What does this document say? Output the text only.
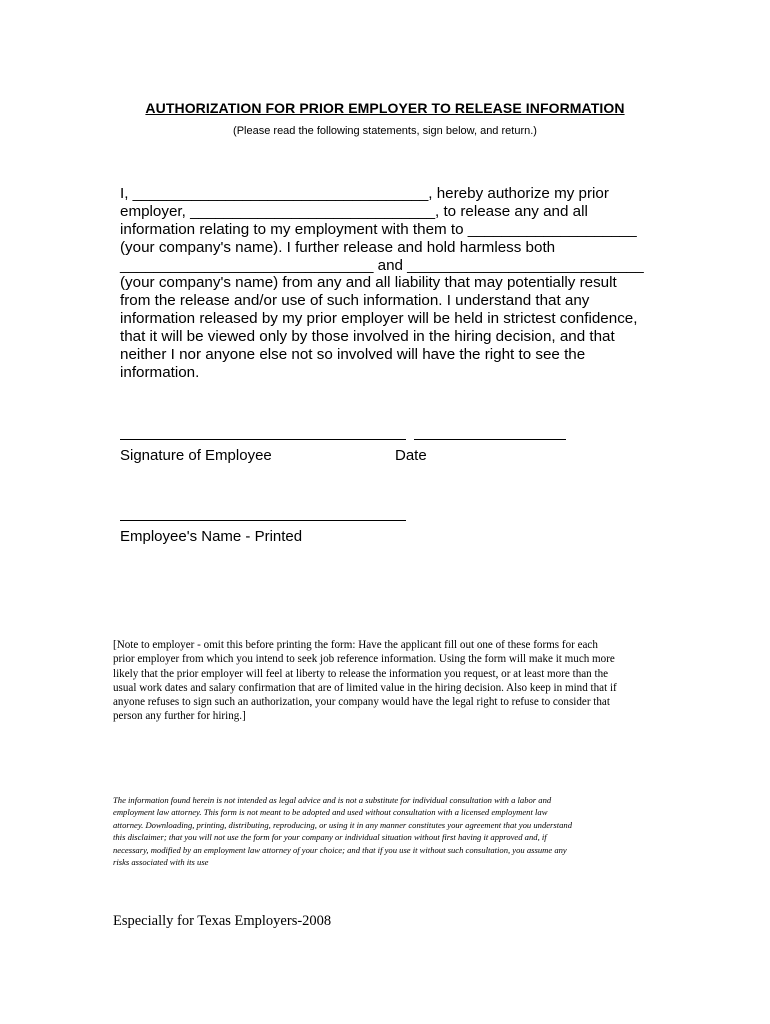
AUTHORIZATION FOR PRIOR EMPLOYER TO RELEASE INFORMATION
(Please read the following statements, sign below, and return.)
I, ___________________________________, hereby authorize my prior
employer, _____________________________, to release any and all
information relating to my employment with them to ____________________
(your company's name). I further release and hold harmless both
______________________________ and ____________________________
(your company's name) from any and all liability that may potentially result
from the release and/or use of such information. I understand that any
information released by my prior employer will be held in strictest confidence,
that it will be viewed only by those involved in the hiring decision, and that
neither I nor anyone else not so involved will have the right to see the
information.
Signature of Employee	Date
Employee's Name - Printed
[Note to employer - omit this before printing the form: Have the applicant fill out one of these forms for each
prior employer from which you intend to seek job reference information. Using the form will make it much more
likely that the prior employer will feel at liberty to release the information you request, or at least more than the
usual work dates and salary confirmation that are of limited value in the hiring decision. Also keep in mind that if
anyone refuses to sign such an authorization, your company would have the legal right to refuse to consider that
person any further for hiring.]
The information found herein is not intended as legal advice and is not a substitute for individual consultation with a labor and
employment law attorney. This form is not meant to be adopted and used without consultation with a licensed employment law
attorney. Downloading, printing, distributing, reproducing, or using it in any manner constitutes your agreement that you understand
this disclaimer; that you will not use the form for your company or individual situation without first having it approved and, if
necessary, modified by an employment law attorney of your choice; and that if you use it without such consultation, you assume any
risks associated with its use
Especially for Texas Employers-2008
